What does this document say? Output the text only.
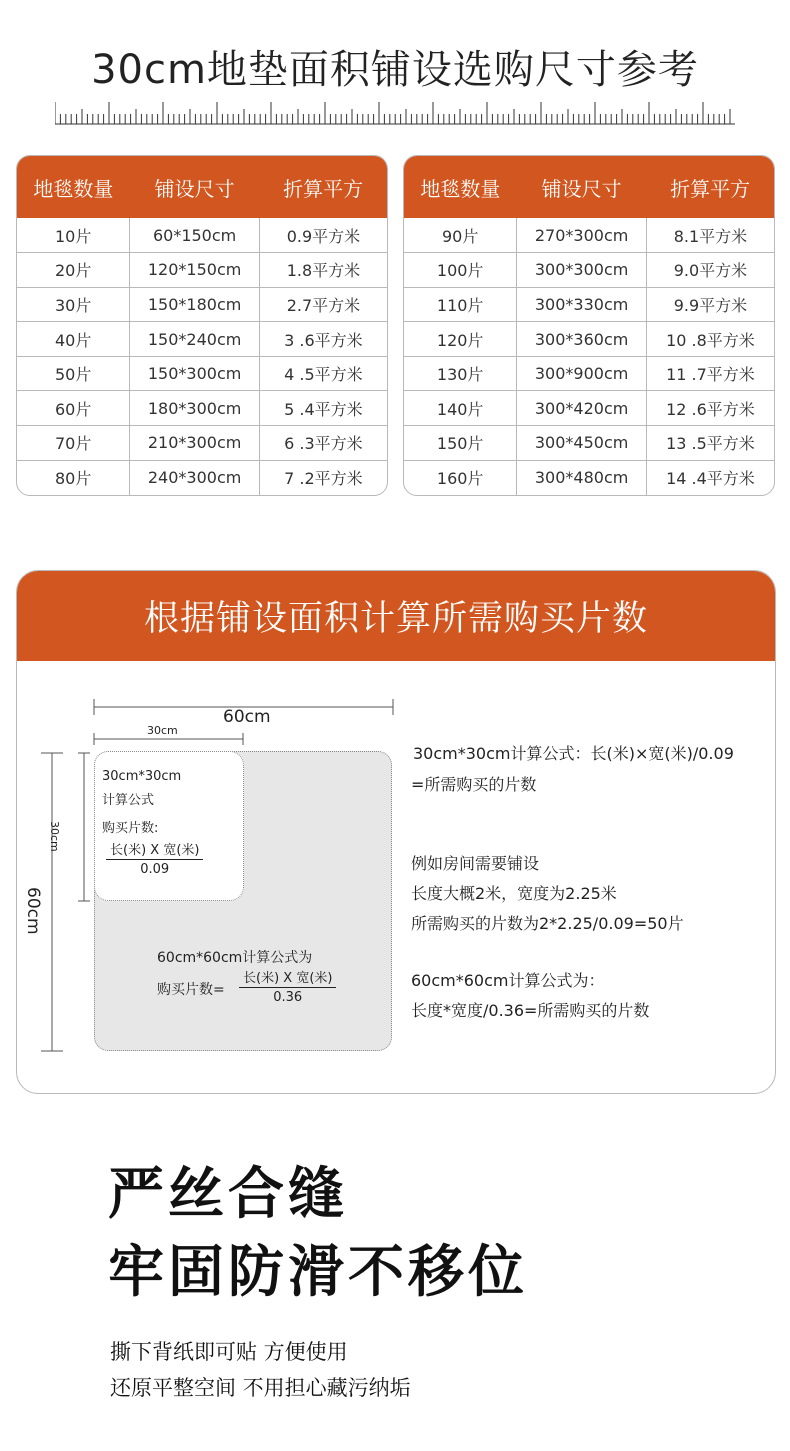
30cm地垫面积铺设选购尺寸参考
地毯数量	铺设尺寸	折算平方
10片	60*150cm	0.9平方米
20片	120*150cm	1.8平方米
30片	150*180cm	2.7平方米
40片	150*240cm	3 .6平方米
50片	150*300cm	4 .5平方米
60片	180*300cm	5 .4平方米
70片	210*300cm	6 .3平方米
80片	240*300cm	7 .2平方米
地毯数量	铺设尺寸	折算平方
90片	270*300cm	8.1平方米
100片	300*300cm	9.0平方米
110片	300*330cm	9.9平方米
120片	300*360cm	10 .8平方米
130片	300*900cm	11 .7平方米
140片	300*420cm	12 .6平方米
150片	300*450cm	13 .5平方米
160片	300*480cm	14 .4平方米
根据铺设面积计算所需购买片数
60cm
30cm
30cm
60cm
30cm*30cm
计算公式
购买片数:
长(米) X 宽(米)
0.09
60cm*60cm计算公式为
购买片数=
长(米) X 宽(米)
0.36
30cm*30cm计算公式：长(米)×宽(米)/0.09
=所需购买的片数
例如房间需要铺设
长度大概2米，宽度为2.25米
所需购买的片数为2*2.25/0.09=50片
60cm*60cm计算公式为：
长度*宽度/0.36=所需购买的片数
严丝合缝
牢固防滑不移位
撕下背纸即可贴 方便使用
还原平整空间 不用担心藏污纳垢
